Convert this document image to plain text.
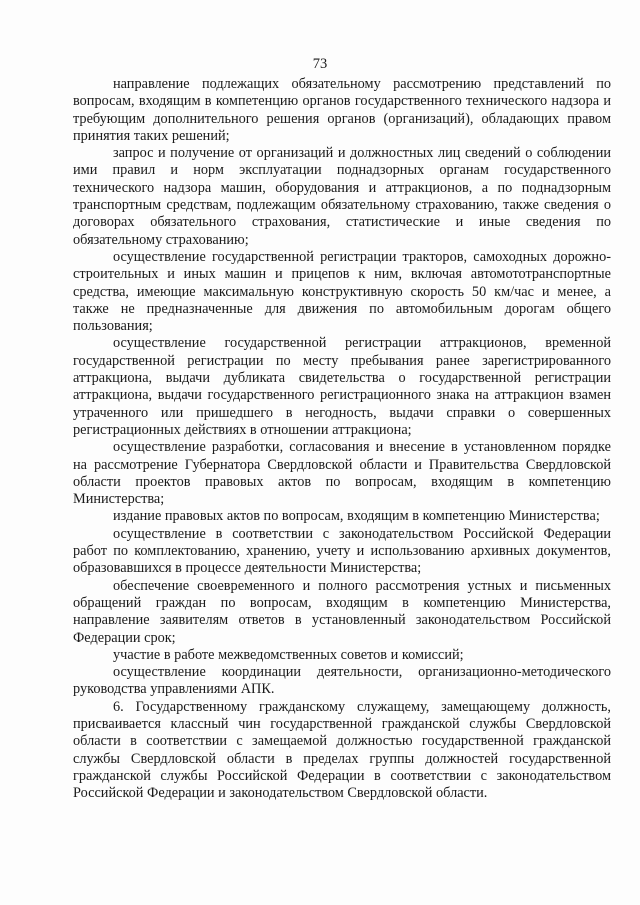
73

направление подлежащих обязательному рассмотрению представлений по вопросам, входящим в компетенцию органов государственного технического надзора и требующим дополнительного решения органов (организаций), обладающих правом принятия таких решений;

запрос и получение от организаций и должностных лиц сведений о соблюдении ими правил и норм эксплуатации поднадзорных органам государственного технического надзора машин, оборудования и аттракционов, а по поднадзорным транспортным средствам, подлежащим обязательному страхованию, также сведения о договорах обязательного страхования, статистические и иные сведения по обязательному страхованию;

осуществление государственной регистрации тракторов, самоходных дорожно-строительных и иных машин и прицепов к ним, включая автомототранспортные средства, имеющие максимальную конструктивную скорость 50 км/час и менее, а также не предназначенные для движения по автомобильным дорогам общего пользования;

осуществление государственной регистрации аттракционов, временной государственной регистрации по месту пребывания ранее зарегистрированного аттракциона, выдачи дубликата свидетельства о государственной регистрации аттракциона, выдачи государственного регистрационного знака на аттракцион взамен утраченного или пришедшего в негодность, выдачи справки о совершенных регистрационных действиях в отношении аттракциона;

осуществление разработки, согласования и внесение в установленном порядке на рассмотрение Губернатора Свердловской области и Правительства Свердловской области проектов правовых актов по вопросам, входящим в компетенцию Министерства;

издание правовых актов по вопросам, входящим в компетенцию Министерства;

осуществление в соответствии с законодательством Российской Федерации работ по комплектованию, хранению, учету и использованию архивных документов, образовавшихся в процессе деятельности Министерства;

обеспечение своевременного и полного рассмотрения устных и письменных обращений граждан по вопросам, входящим в компетенцию Министерства, направление заявителям ответов в установленный законодательством Российской Федерации срок;

участие в работе межведомственных советов и комиссий;

осуществление координации деятельности, организационно-методического руководства управлениями АПК.

6. Государственному гражданскому служащему, замещающему должность, присваивается классный чин государственной гражданской службы Свердловской области в соответствии с замещаемой должностью государственной гражданской службы Свердловской области в пределах группы должностей государственной гражданской службы Российской Федерации в соответствии с законодательством Российской Федерации и законодательством Свердловской области.
